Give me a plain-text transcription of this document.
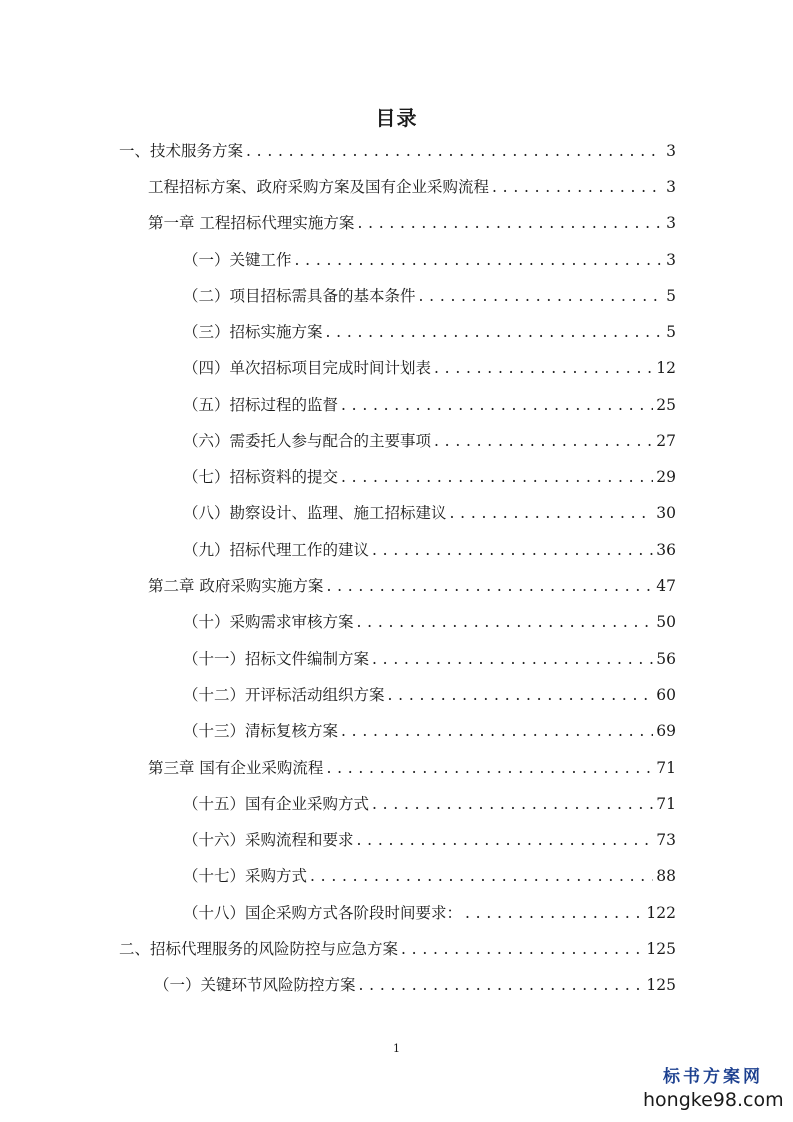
目录
一、技术服务方案 . . .	3
工程招标方案、政府采购方案及国有企业采购流程 . . .	3
第一章 工程招标代理实施方案 . . .	3
（一）关键工作 . . .	3
（二）项目招标需具备的基本条件 . . .	5
（三）招标实施方案 . . .	5
（四）单次招标项目完成时间计划表 . . .	12
（五）招标过程的监督 . . .	25
（六）需委托人参与配合的主要事项 . . .	27
（七）招标资料的提交 . . .	29
（八）勘察设计、监理、施工招标建议 . . .	30
（九）招标代理工作的建议 . . .	36
第二章 政府采购实施方案 . . .	47
（十）采购需求审核方案 . . .	50
（十一）招标文件编制方案 . . .	56
（十二）开评标活动组织方案 . . .	60
（十三）清标复核方案 . . .	69
第三章 国有企业采购流程 . . .	71
（十五）国有企业采购方式 . . .	71
（十六）采购流程和要求 . . .	73
（十七）采购方式 . . .	88
（十八）国企采购方式各阶段时间要求： . . .	122
二、招标代理服务的风险防控与应急方案 . . .	125
（一）关键环节风险防控方案 . . .	125
1
标书方案网
hongke98.com
